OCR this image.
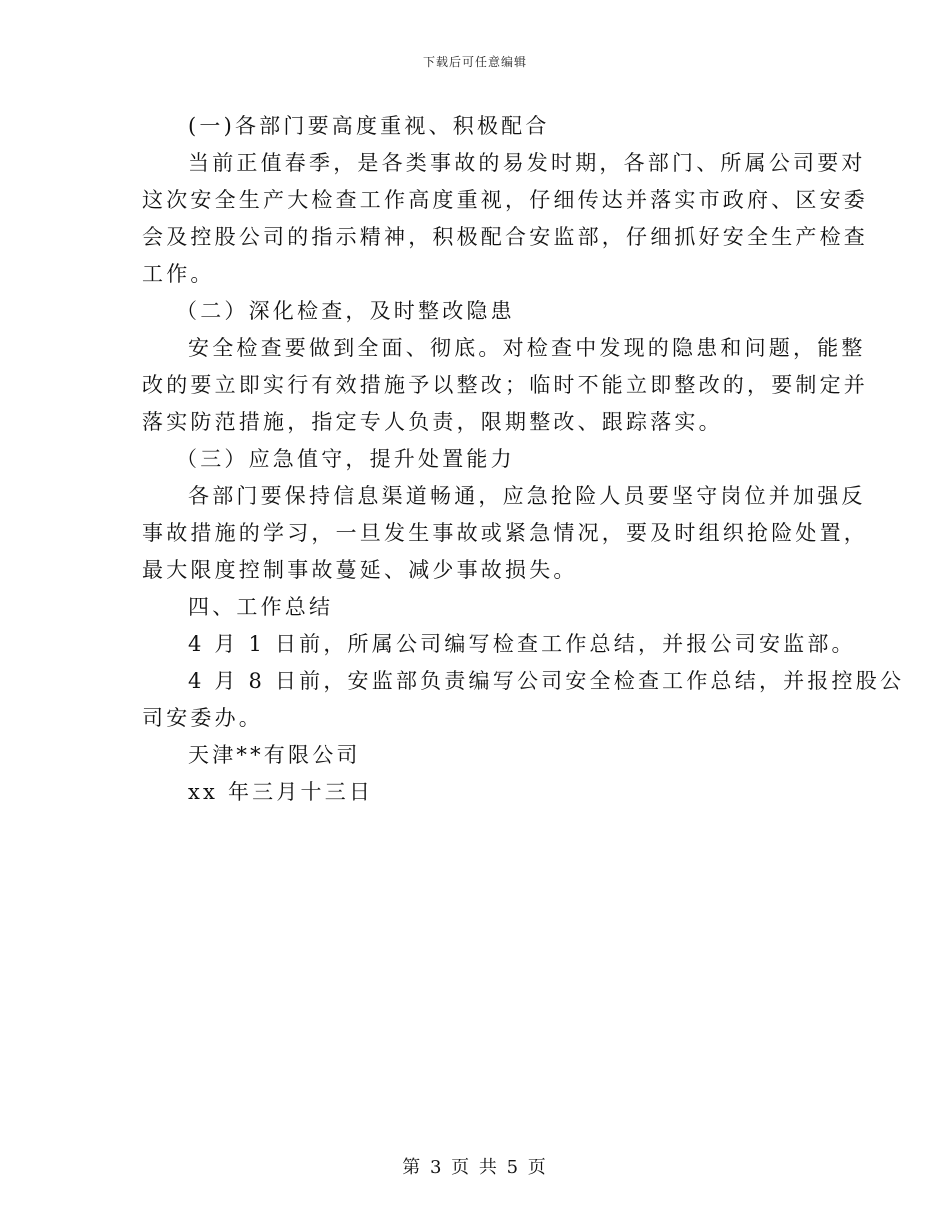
下载后可任意编辑
(一)各部门要高度重视、积极配合
当前正值春季，是各类事故的易发时期，各部门、所属公司要对
这次安全生产大检查工作高度重视，仔细传达并落实市政府、区安委
会及控股公司的指示精神，积极配合安监部，仔细抓好安全生产检查
工作。
（二）深化检查，及时整改隐患
安全检查要做到全面、彻底。对检查中发现的隐患和问题，能整
改的要立即实行有效措施予以整改；临时不能立即整改的，要制定并
落实防范措施，指定专人负责，限期整改、跟踪落实。
（三）应急值守，提升处置能力
各部门要保持信息渠道畅通，应急抢险人员要坚守岗位并加强反
事故措施的学习，一旦发生事故或紧急情况，要及时组织抢险处置，
最大限度控制事故蔓延、减少事故损失。
四、工作总结
4 月 1 日前，所属公司编写检查工作总结，并报公司安监部。
4 月 8 日前，安监部负责编写公司安全检查工作总结，并报控股公
司安委办。
天津**有限公司
xx 年三月十三日
第 3 页 共 5 页
